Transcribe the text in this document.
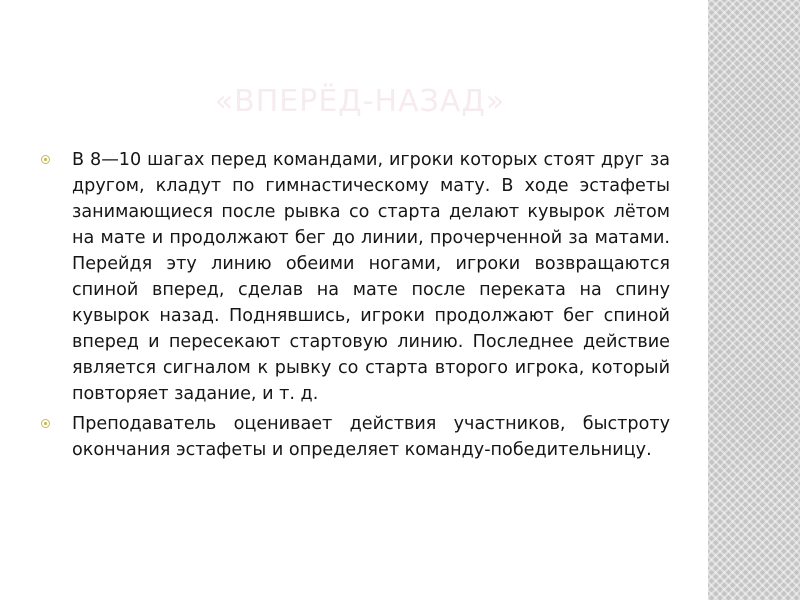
«ВПЕРЁД-НАЗАД»
В 8—10 шагах перед командами, игроки которых стоят друг за другом, кладут по гимнастическому мату. В ходе эстафеты занимающиеся после рывка со старта делают кувырок лётом на мате и продолжают бег до линии, прочерченной за матами. Перейдя эту линию обеими ногами, игроки возвращаются спиной вперед, сделав на мате после переката на спину кувырок назад. Поднявшись, игроки продолжают бег спиной вперед и пересекают стартовую линию. Последнее действие является сигналом к рывку со старта второго игрока, который повторяет задание, и т. д.
Преподаватель оценивает действия участников, быстроту окончания эстафеты и определяет команду-победительницу.
